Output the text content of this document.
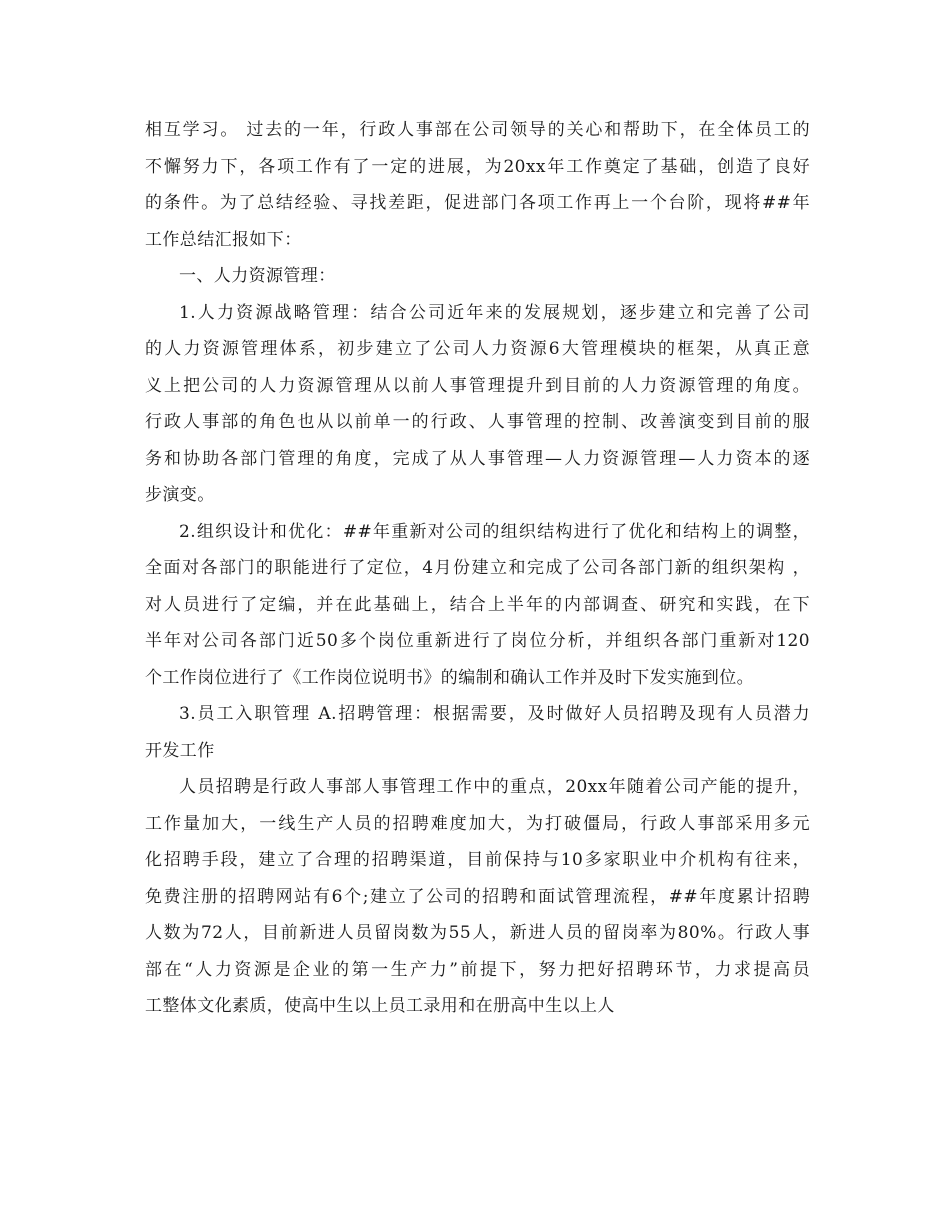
相互学习。 过去的一年，行政人事部在公司领导的关心和帮助下，在全体员工的
不懈努力下，各项工作有了一定的进展，为20xx年工作奠定了基础，创造了良好
的条件。为了总结经验、寻找差距，促进部门各项工作再上一个台阶，现将##年
工作总结汇报如下：
一、人力资源管理：
1.人力资源战略管理：结合公司近年来的发展规划，逐步建立和完善了公司
的人力资源管理体系，初步建立了公司人力资源6大管理模块的框架，从真正意
义上把公司的人力资源管理从以前人事管理提升到目前的人力资源管理的角度。
行政人事部的角色也从以前单一的行政、人事管理的控制、改善演变到目前的服
务和协助各部门管理的角度，完成了从人事管理—人力资源管理—人力资本的逐
步演变。
2.组织设计和优化：##年重新对公司的组织结构进行了优化和结构上的调整，
全面对各部门的职能进行了定位，4月份建立和完成了公司各部门新的组织架构 ，
对人员进行了定编，并在此基础上，结合上半年的内部调查、研究和实践，在下
半年对公司各部门近50多个岗位重新进行了岗位分析，并组织各部门重新对120
个工作岗位进行了《工作岗位说明书》的编制和确认工作并及时下发实施到位。
3.员工入职管理 A.招聘管理：根据需要，及时做好人员招聘及现有人员潜力
开发工作
人员招聘是行政人事部人事管理工作中的重点，20xx年随着公司产能的提升，
工作量加大，一线生产人员的招聘难度加大，为打破僵局，行政人事部采用多元
化招聘手段，建立了合理的招聘渠道，目前保持与10多家职业中介机构有往来，
免费注册的招聘网站有6个;建立了公司的招聘和面试管理流程，##年度累计招聘
人数为72人，目前新进人员留岗数为55人，新进人员的留岗率为80%。行政人事
部在“人力资源是企业的第一生产力”前提下，努力把好招聘环节，力求提高员
工整体文化素质，使高中生以上员工录用和在册高中生以上人
